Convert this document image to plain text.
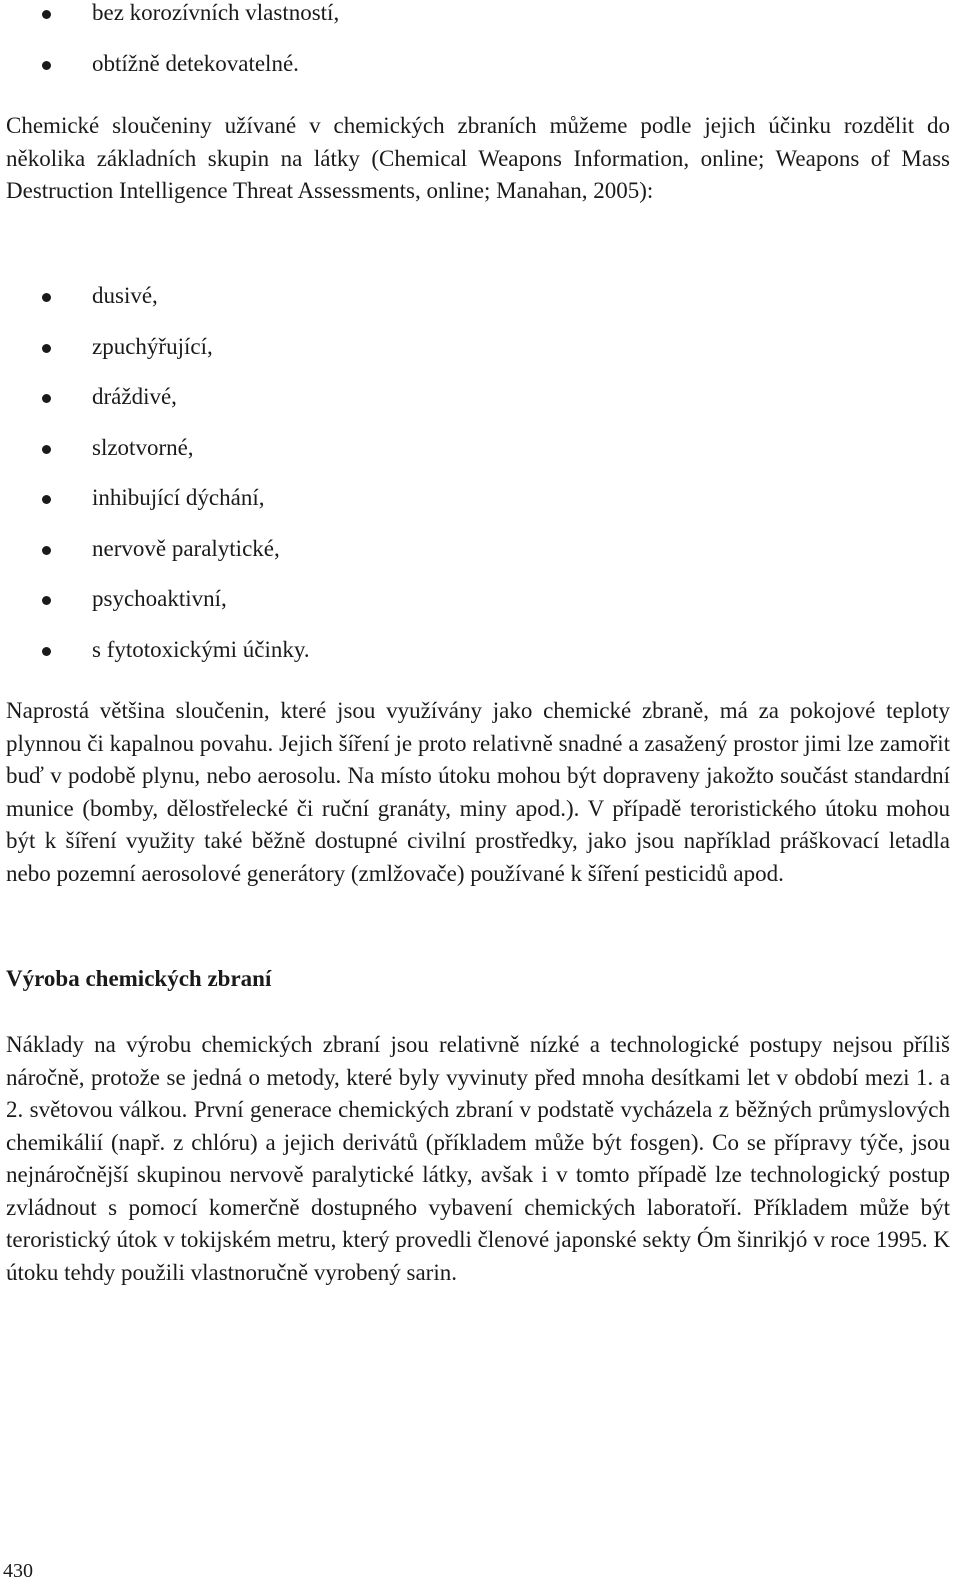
bez korozívních vlastností,
obtížně detekovatelné.

Chemické sloučeniny užívané v chemických zbraních můžeme podle jejich účinku rozdělit do několika základních skupin na látky (Chemical Weapons Information, online; Weapons of Mass Destruction Intelligence Threat Assessments, online; Manahan, 2005):

dusivé,
zpuchýřující,
dráždivé,
slzotvorné,
inhibující dýchání,
nervově paralytické,
psychoaktivní,
s fytotoxickými účinky.

Naprostá většina sloučenin, které jsou využívány jako chemické zbraně, má za pokojové teploty plynnou či kapalnou povahu. Jejich šíření je proto relativně snadné a zasažený prostor jimi lze zamořit buď v podobě plynu, nebo aerosolu. Na místo útoku mohou být dopraveny jakožto součást standardní munice (bomby, dělostřelecké či ruční granáty, miny apod.). V případě teroristického útoku mohou být k šíření využity také běžně dostupné civilní prostředky, jako jsou například práškovací letadla nebo pozemní aerosolové generátory (zmlžovače) používané k šíření pesticidů apod.

Výroba chemických zbraní

Náklady na výrobu chemických zbraní jsou relativně nízké a technologické postupy nejsou příliš náročně, protože se jedná o metody, které byly vyvinuty před mnoha desítkami let v období mezi 1. a 2. světovou válkou. První generace chemických zbraní v podstatě vycházela z běžných průmyslových chemikálií (např. z chlóru) a jejich derivátů (příkladem může být fosgen). Co se přípravy týče, jsou nejnáročnější skupinou nervově paralytické látky, avšak i v tomto případě lze technologický postup zvládnout s pomocí komerčně dostupného vybavení chemických laboratoří. Příkladem může být teroristický útok v tokijském metru, který provedli členové japonské sekty Óm šinrikjó v roce 1995. K útoku tehdy použili vlastnoručně vyrobený sarin.

430
